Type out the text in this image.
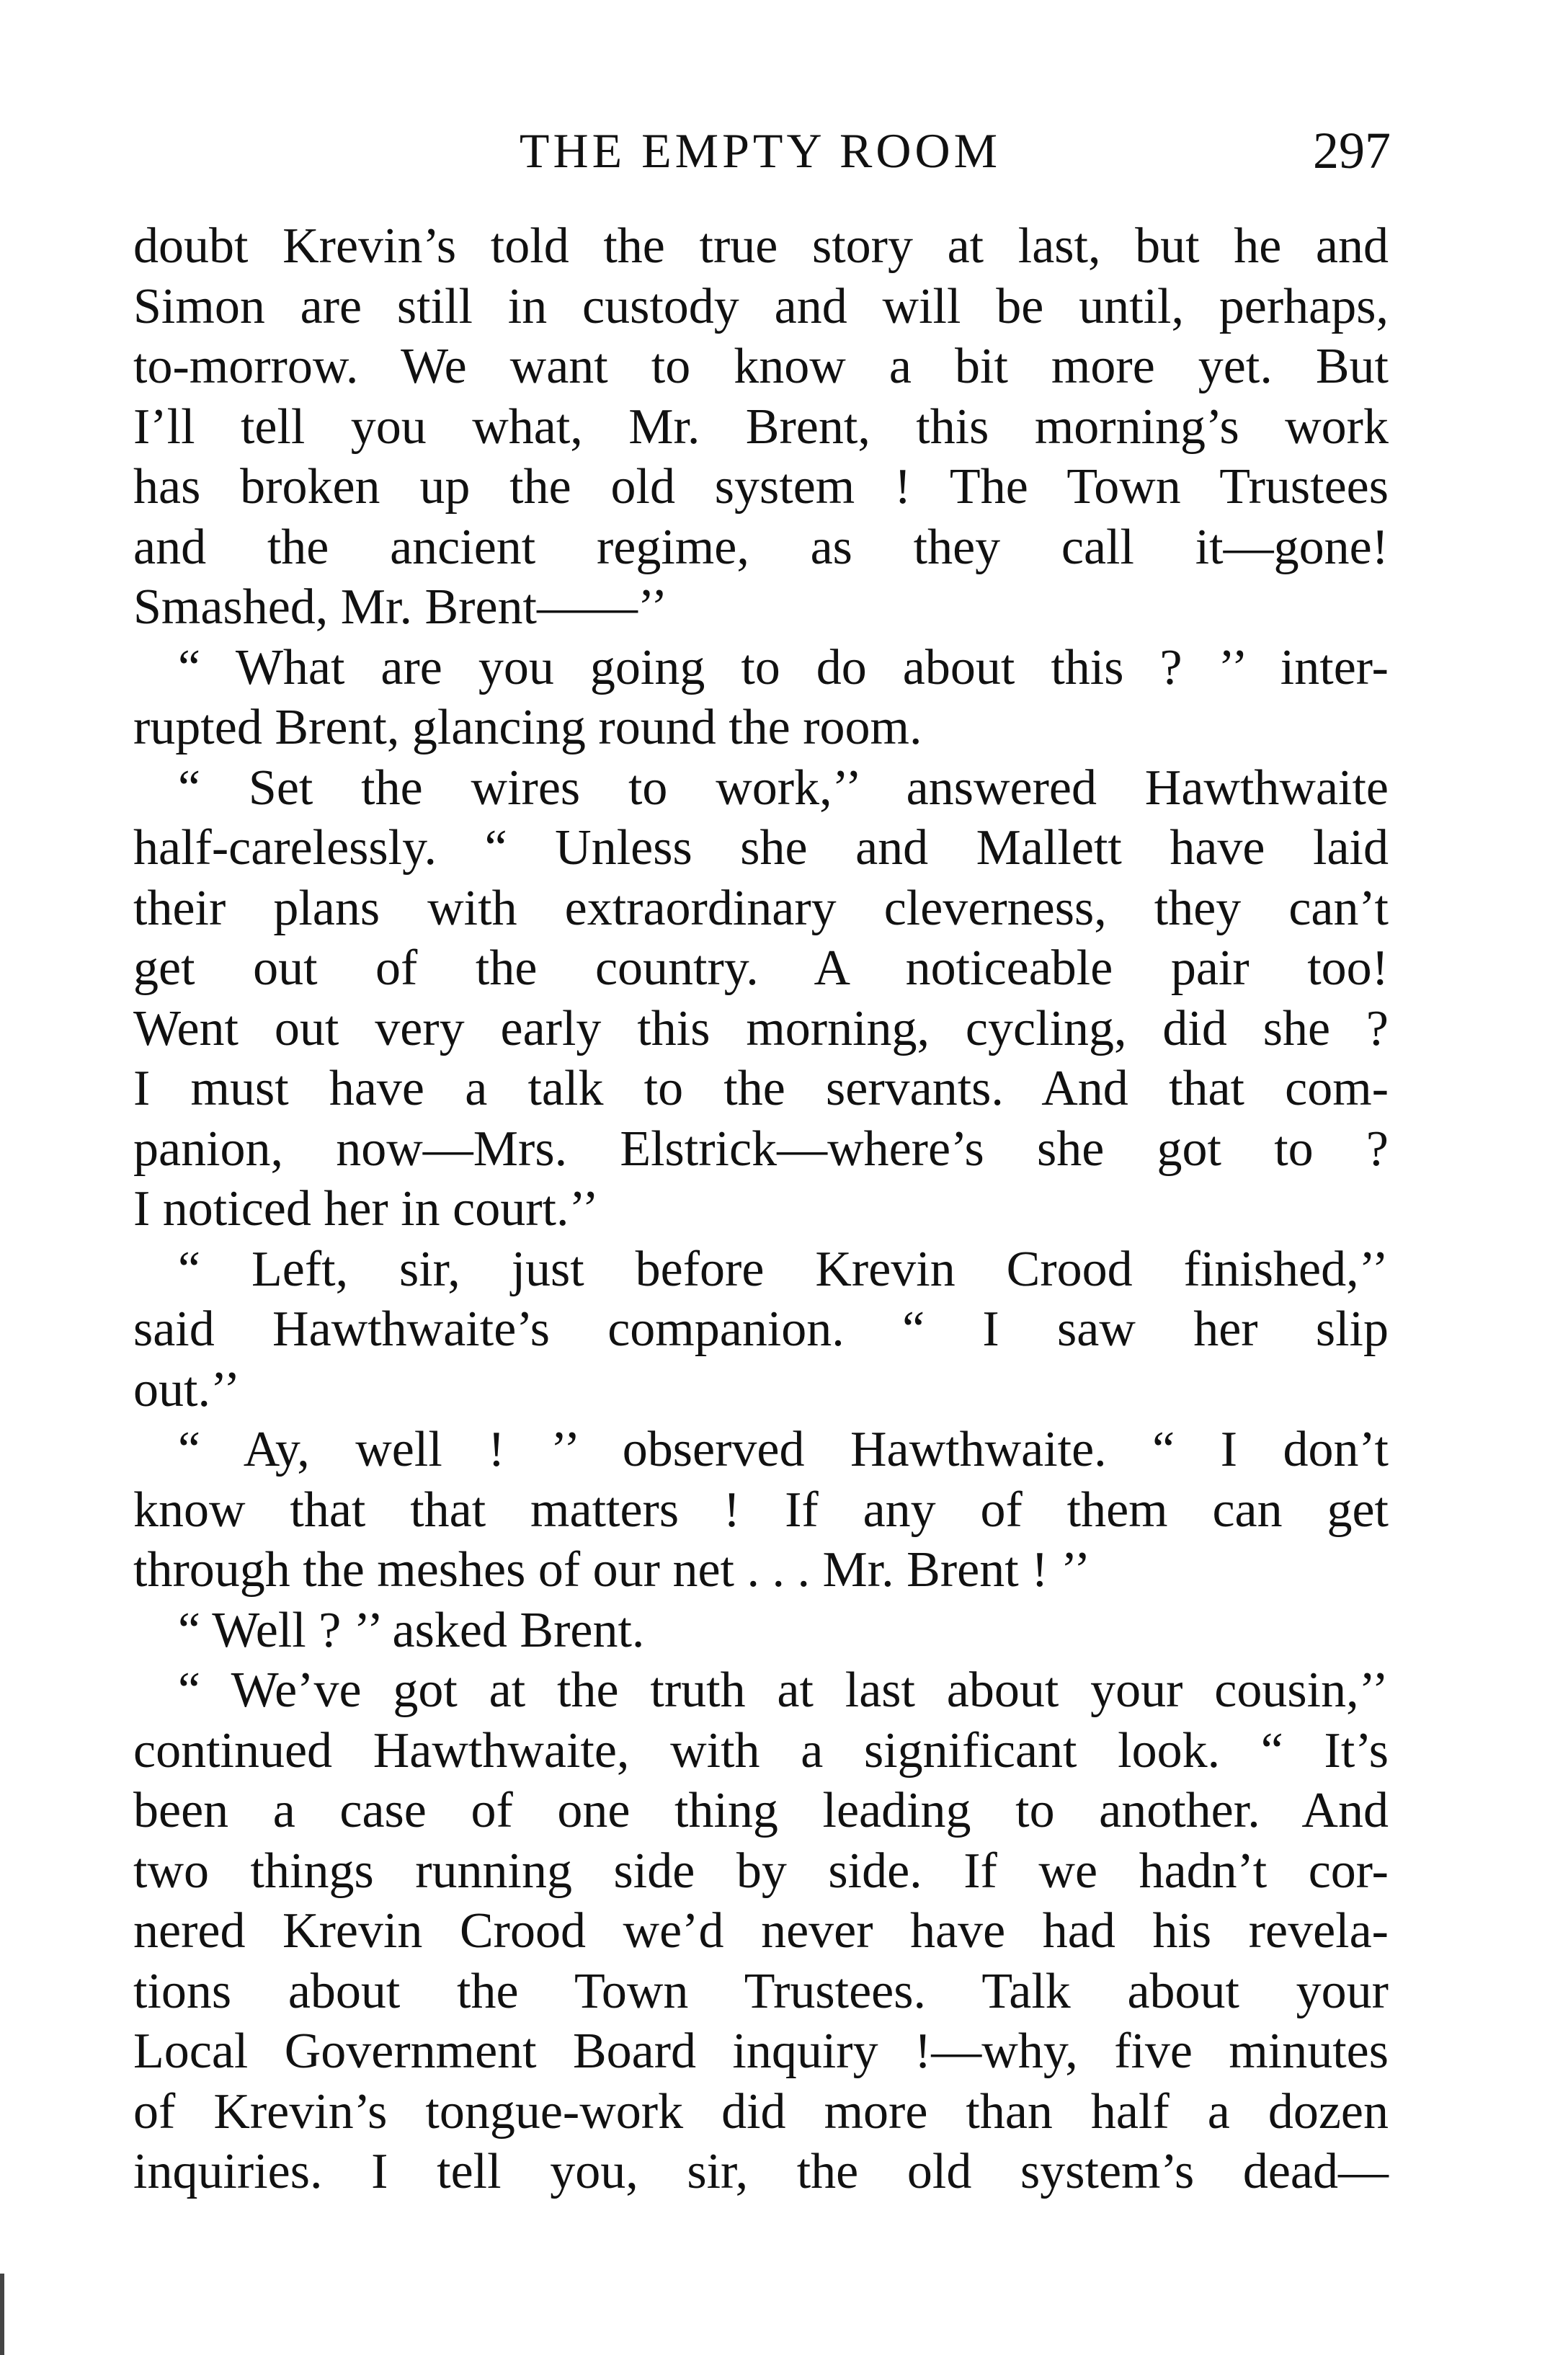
THE EMPTY ROOM	297
doubt Krevin’s told the true story at last, but he and
Simon are still in custody and will be until, perhaps,
to-morrow. We want to know a bit more yet. But
I’ll tell you what, Mr. Brent, this morning’s work
has broken up the old system ! The Town Trustees
and the ancient regime, as they call it—gone!
Smashed, Mr. Brent——’’
“ What are you going to do about this ? ’’ inter-
rupted Brent, glancing round the room.
“ Set the wires to work,’’ answered Hawthwaite
half-carelessly. “ Unless she and Mallett have laid
their plans with extraordinary cleverness, they can’t
get out of the country. A noticeable pair too!
Went out very early this morning, cycling, did she ?
I must have a talk to the servants. And that com-
panion, now—Mrs. Elstrick—where’s she got to ?
I noticed her in court.’’
“ Left, sir, just before Krevin Crood finished,’’
said Hawthwaite’s companion. “ I saw her slip
out.’’
“ Ay, well ! ’’ observed Hawthwaite. “ I don’t
know that that matters ! If any of them can get
through the meshes of our net . . . Mr. Brent ! ’’
“ Well ? ’’ asked Brent.
“ We’ve got at the truth at last about your cousin,’’
continued Hawthwaite, with a significant look. “ It’s
been a case of one thing leading to another. And
two things running side by side. If we hadn’t cor-
nered Krevin Crood we’d never have had his revela-
tions about the Town Trustees. Talk about your
Local Government Board inquiry !—why, five minutes
of Krevin’s tongue-work did more than half a dozen
inquiries. I tell you, sir, the old system’s dead—
